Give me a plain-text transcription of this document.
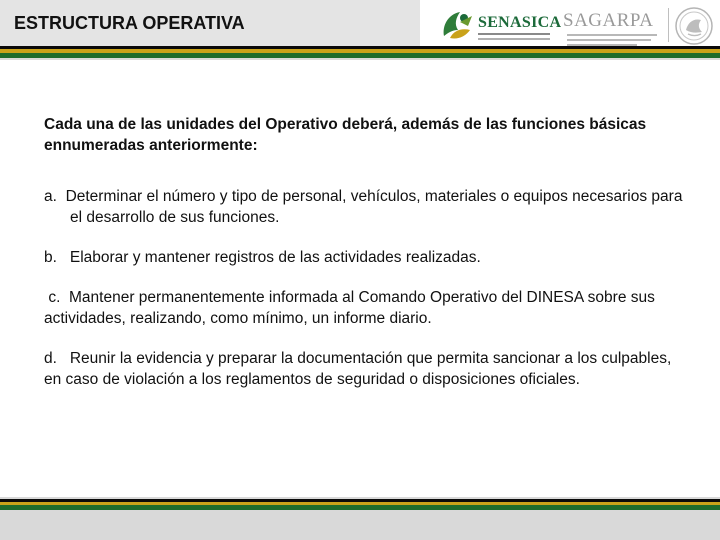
ESTRUCTURA OPERATIVA	SENASICA SAGARPA

Cada una de las unidades del Operativo deberá, además de las funciones básicas ennumeradas anteriormente:

a. Determinar el número y tipo de personal, vehículos, materiales o equipos necesarios para el desarrollo de sus funciones.

b. Elaborar y mantener registros de las actividades realizadas.

c. Mantener permanentemente informada al Comando Operativo del DINESA sobre sus actividades, realizando, como mínimo, un informe diario.

d. Reunir la evidencia y preparar la documentación que permita sancionar a los culpables, en caso de violación a los reglamentos de seguridad o disposiciones oficiales.
